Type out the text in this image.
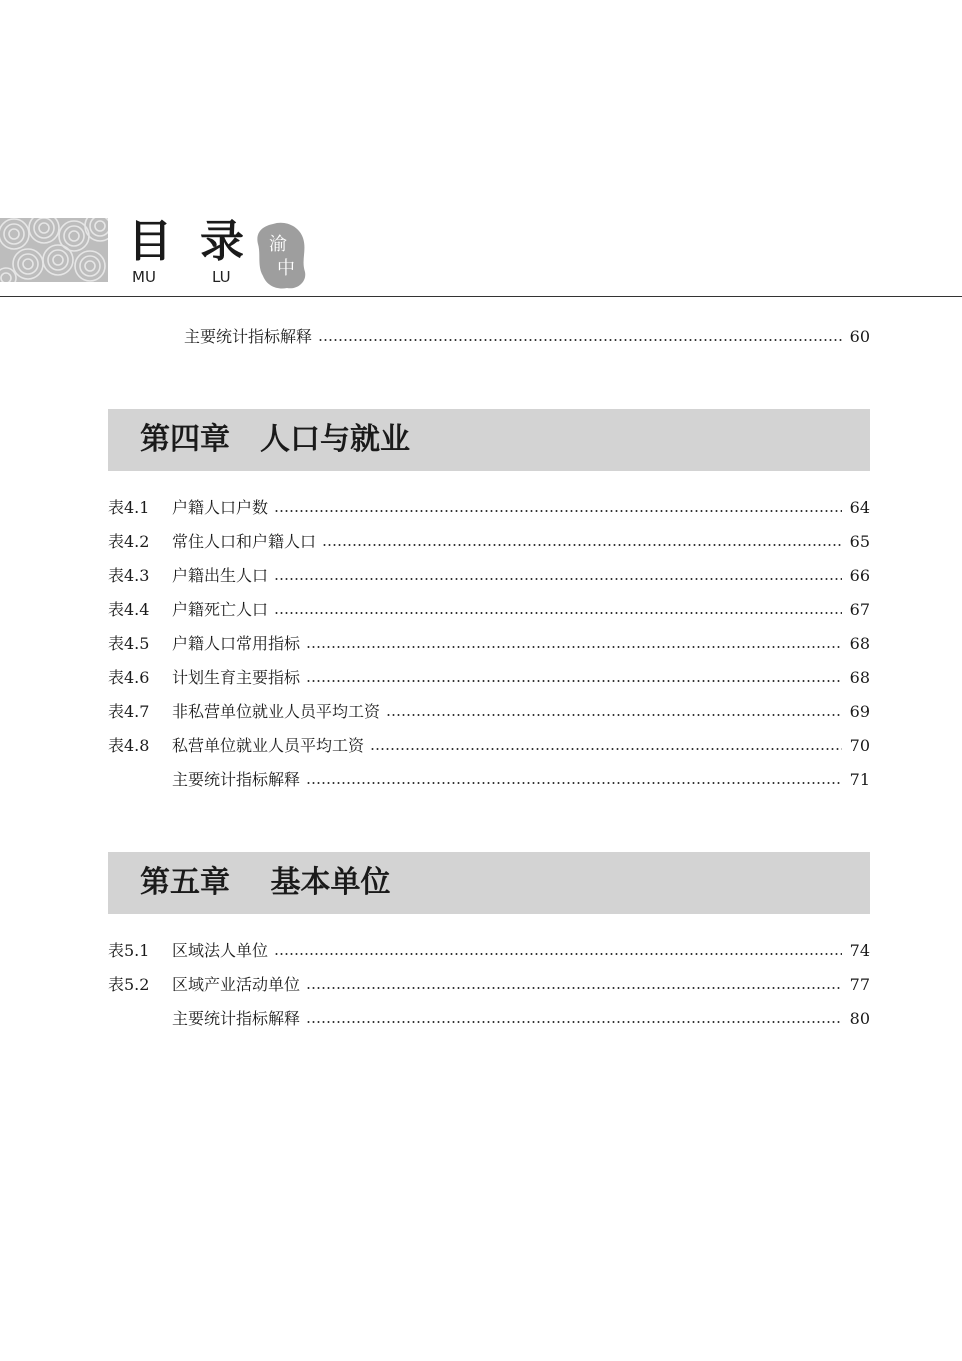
目 录
MU	LU
渝
中
主要统计指标解释	60
第四章　人口与就业
表4.1	户籍人口户数	64
表4.2	常住人口和户籍人口	65
表4.3	户籍出生人口	66
表4.4	户籍死亡人口	67
表4.5	户籍人口常用指标	68
表4.6	计划生育主要指标	68
表4.7	非私营单位就业人员平均工资	69
表4.8	私营单位就业人员平均工资	70
主要统计指标解释	71
第五章　 基本单位
表5.1	区域法人单位	74
表5.2	区域产业活动单位	77
主要统计指标解释	80
